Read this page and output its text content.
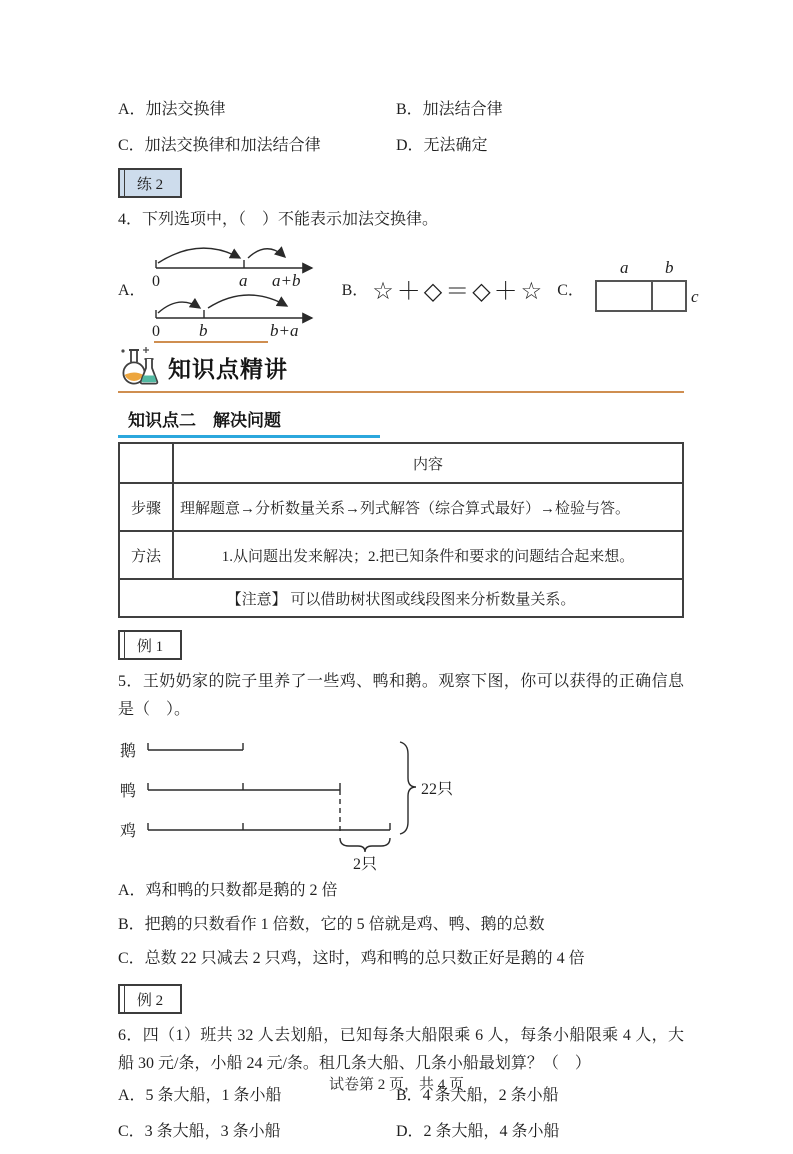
A．加法交换律	B．加法结合律
C．加法交换律和加法结合律	D．无法确定
练 2
4．下列选项中，（　）不能表示加法交换律。
A． 0	a a+b
0 b	b+a
B． ☆＋◇＝◇＋☆ C．
a b
c
知识点精讲
知识点二　解决问题
	内容
步骤	理解题意→分析数量关系→列式解答（综合算式最好）→检验与答。
方法	1.从问题出发来解决；2.把已知条件和要求的问题结合起来想。
【注意】 可以借助树状图或线段图来分析数量关系。	
例 1
5．王奶奶家的院子里养了一些鸡、鸭和鹅。观察下图，你可以获得的正确信息是（　）。
鹅
鸭
鸡
22只
2只
A．鸡和鸭的只数都是鹅的 2 倍
B．把鹅的只数看作 1 倍数，它的 5 倍就是鸡、鸭、鹅的总数
C．总数 22 只减去 2 只鸡，这时，鸡和鸭的总只数正好是鹅的 4 倍
例 2
6．四（1）班共 32 人去划船，已知每条大船限乘 6 人，每条小船限乘 4 人，大船 30 元/条，小船 24 元/条。租几条大船、几条小船最划算？（　）
A．5 条大船，1 条小船	B．4 条大船，2 条小船
C．3 条大船，3 条小船	D．2 条大船，4 条小船
试卷第 2 页，共 4 页
